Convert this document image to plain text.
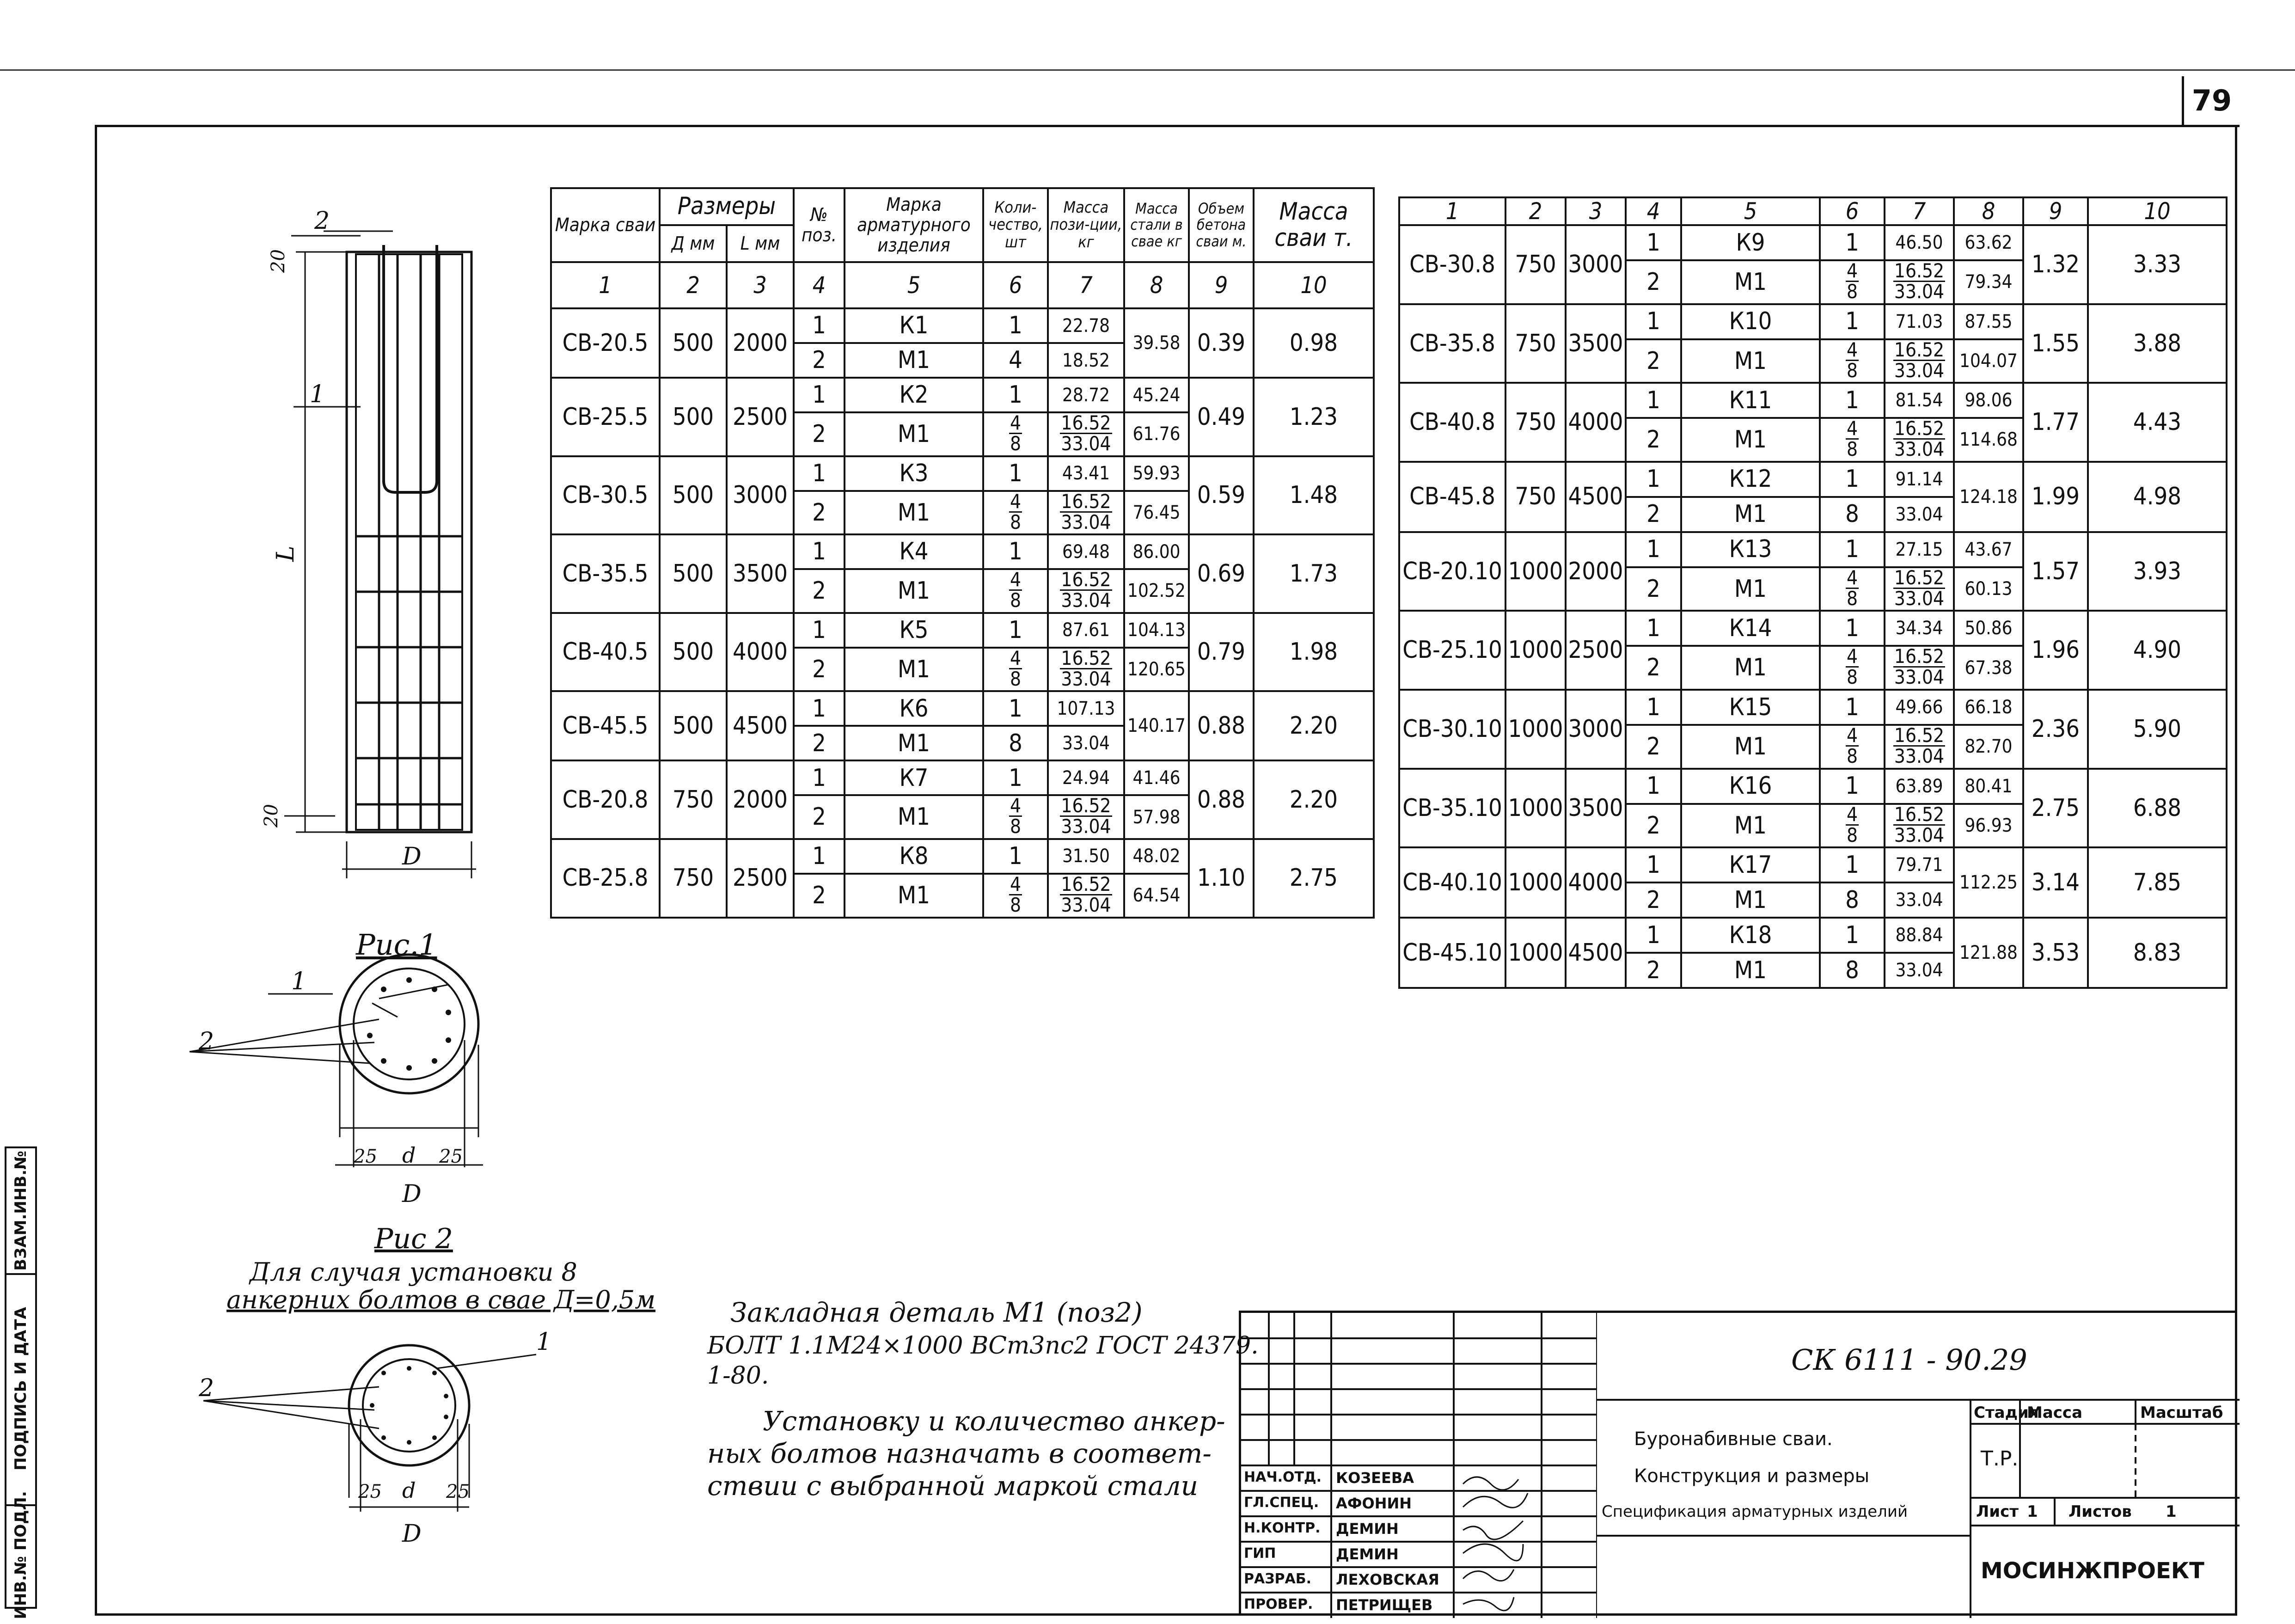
79
ИНВ.№ ПОДЛ.
ПОДПИСЬ И ДАТА
ВЗАМ.ИНВ.№
2
20
20
L
D
1
Рис.1
1
2
25 d 25
D
Рис 2
Для случая установки 8
анкерних болтов в сваe Д=0,5м
1
2
25 d 25
D
Марка сваи	Размеры		№ поз.	Марка арматурного изделия	Коли-чество, шт	Масса пози-ции, кг	Масса стали в свае кг	Объем бетона сваи м.	Масса сваи т.
	Д мм	L мм							
1	2	3	4	5	6	7	8	9	10
СВ-20.5	500	2000	1	К1	1	22.78	39.58	0.39	0.98
			2	М1	4	18.52			
СВ-25.5	500	2500	1	К2	1	28.72	45.24	0.49	1.23
			2	М1	$\frac{4}{8}$	$\frac{16.52}{33.04}$	61.76		
СВ-30.5	500	3000	1	К3	1	43.41	59.93	0.59	1.48
			2	М1	$\frac{4}{8}$	$\frac{16.52}{33.04}$	76.45		
СВ-35.5	500	3500	1	К4	1	69.48	86.00	0.69	1.73
			2	М1	$\frac{4}{8}$	$\frac{16.52}{33.04}$	102.52		
СВ-40.5	500	4000	1	К5	1	87.61	104.13	0.79	1.98
			2	М1	$\frac{4}{8}$	$\frac{16.52}{33.04}$	120.65		
СВ-45.5	500	4500	1	К6	1	107.13	140.17	0.88	2.20
			2	М1	8	33.04			
СВ-20.8	750	2000	1	К7	1	24.94	41.46	0.88	2.20
			2	М1	$\frac{4}{8}$	$\frac{16.52}{33.04}$	57.98		
СВ-25.8	750	2500	1	К8	1	31.50	48.02	1.10	2.75
			2	М1	$\frac{4}{8}$	$\frac{16.52}{33.04}$	64.54		
1	2	3	4	5	6	7	8	9	10
СВ-30.8	750	3000	1	К9	1	46.50	63.62	1.32	3.33
			2	М1	$\frac{4}{8}$	$\frac{16.52}{33.04}$	79.34		
СВ-35.8	750	3500	1	К10	1	71.03	87.55	1.55	3.88
			2	М1	$\frac{4}{8}$	$\frac{16.52}{33.04}$	104.07		
СВ-40.8	750	4000	1	К11	1	81.54	98.06	1.77	4.43
			2	М1	$\frac{4}{8}$	$\frac{16.52}{33.04}$	114.68		
СВ-45.8	750	4500	1	К12	1	91.14	124.18	1.99	4.98
			2	М1	8	33.04			
СВ-20.10	1000	2000	1	К13	1	27.15	43.67	1.57	3.93
			2	М1	$\frac{4}{8}$	$\frac{16.52}{33.04}$	60.13		
СВ-25.10	1000	2500	1	К14	1	34.34	50.86	1.96	4.90
			2	М1	$\frac{4}{8}$	$\frac{16.52}{33.04}$	67.38		
СВ-30.10	1000	3000	1	К15	1	49.66	66.18	2.36	5.90
			2	М1	$\frac{4}{8}$	$\frac{16.52}{33.04}$	82.70		
СВ-35.10	1000	3500	1	К16	1	63.89	80.41	2.75	6.88
			2	М1	$\frac{4}{8}$	$\frac{16.52}{33.04}$	96.93		
СВ-40.10	1000	4000	1	К17	1	79.71	112.25	3.14	7.85
			2	М1	8	33.04			
СВ-45.10	1000	4500	1	К18	1	88.84	121.88	3.53	8.83
			2	М1	8	33.04			
Закладная деталь М1 (поз2)
БОЛТ 1.1М24×1000 ВСт3пс2 ГОСТ 24379.
1-80.
Установку и количество анкер-
ных болтов назначать в соответ-
ствии с выбранной маркой стали	НАЧ.ОТД. КОЗЕЕВА
ГЛ.СПЕЦ. АФОНИН
Н.КОНТР. ДЕМИН
ГИП	ДЕМИН
РАЗРАБ. ЛЕХОВСКАЯ
ПРОВЕР. ПЕТРИЩЕВ
СК 6111 - 90.29
Буронабивные сваи.
Конструкция и размеры
Спецификация арматурных изделий
Стадия
Масса	Масштаб
Т.Р.
Лист 1 Листов 1
МОСИНЖПРОЕКТ
